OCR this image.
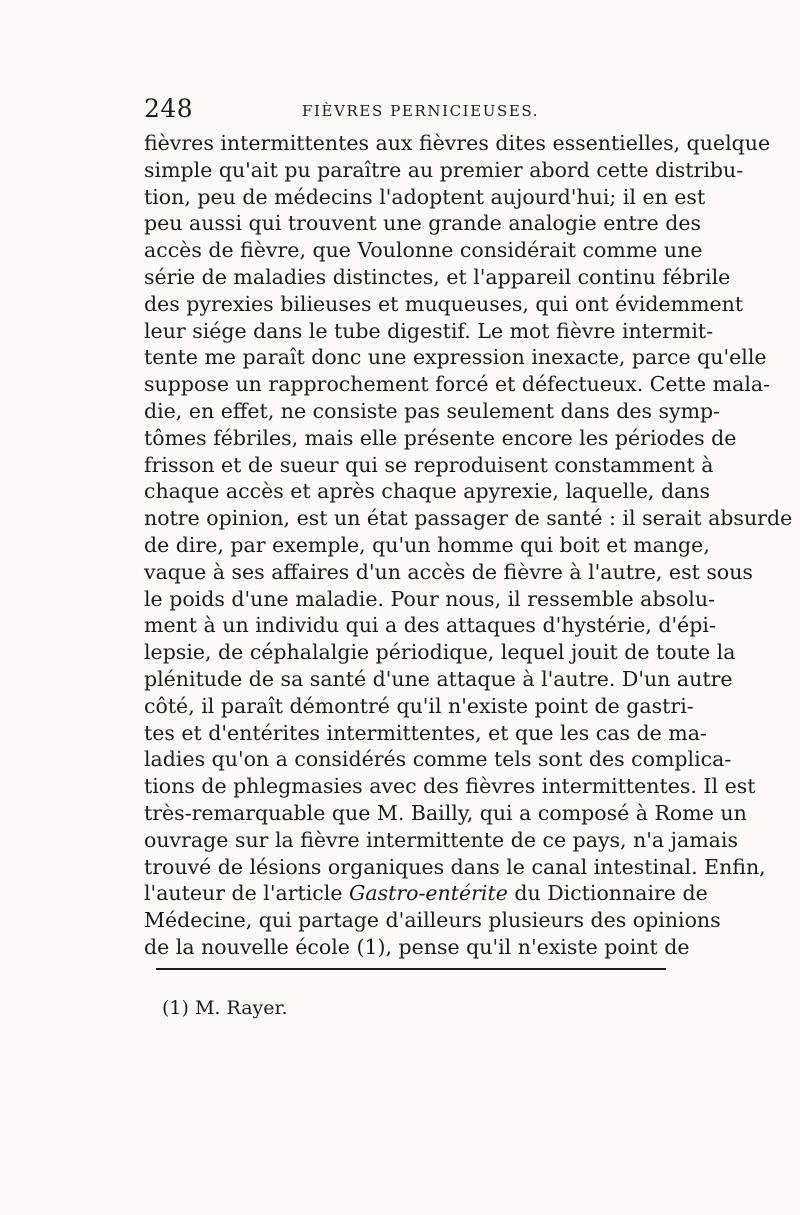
248	FIÈVRES PERNICIEUSES.
fièvres intermittentes aux fièvres dites essentielles, quelque
simple qu'ait pu paraître au premier abord cette distribu-
tion, peu de médecins l'adoptent aujourd'hui; il en est
peu aussi qui trouvent une grande analogie entre des
accès de fièvre, que Voulonne considérait comme une
série de maladies distinctes, et l'appareil continu fébrile
des pyrexies bilieuses et muqueuses, qui ont évidemment
leur siége dans le tube digestif. Le mot fièvre intermit-
tente me paraît donc une expression inexacte, parce qu'elle
suppose un rapprochement forcé et défectueux. Cette mala-
die, en effet, ne consiste pas seulement dans des symp-
tômes fébriles, mais elle présente encore les périodes de
frisson et de sueur qui se reproduisent constamment à
chaque accès et après chaque apyrexie, laquelle, dans
notre opinion, est un état passager de santé : il serait absurde
de dire, par exemple, qu'un homme qui boit et mange,
vaque à ses affaires d'un accès de fièvre à l'autre, est sous
le poids d'une maladie. Pour nous, il ressemble absolu-
ment à un individu qui a des attaques d'hystérie, d'épi-
lepsie, de céphalalgie périodique, lequel jouit de toute la
plénitude de sa santé d'une attaque à l'autre. D'un autre
côté, il paraît démontré qu'il n'existe point de gastri-
tes et d'entérites intermittentes, et que les cas de ma-
ladies qu'on a considérés comme tels sont des complica-
tions de phlegmasies avec des fièvres intermittentes. Il est
très-remarquable que M. Bailly, qui a composé à Rome un
ouvrage sur la fièvre intermittente de ce pays, n'a jamais
trouvé de lésions organiques dans le canal intestinal. Enfin,
l'auteur de l'article Gastro-entérite du Dictionnaire de
Médecine, qui partage d'ailleurs plusieurs des opinions
de la nouvelle école (1), pense qu'il n'existe point de
(1) M. Rayer.
